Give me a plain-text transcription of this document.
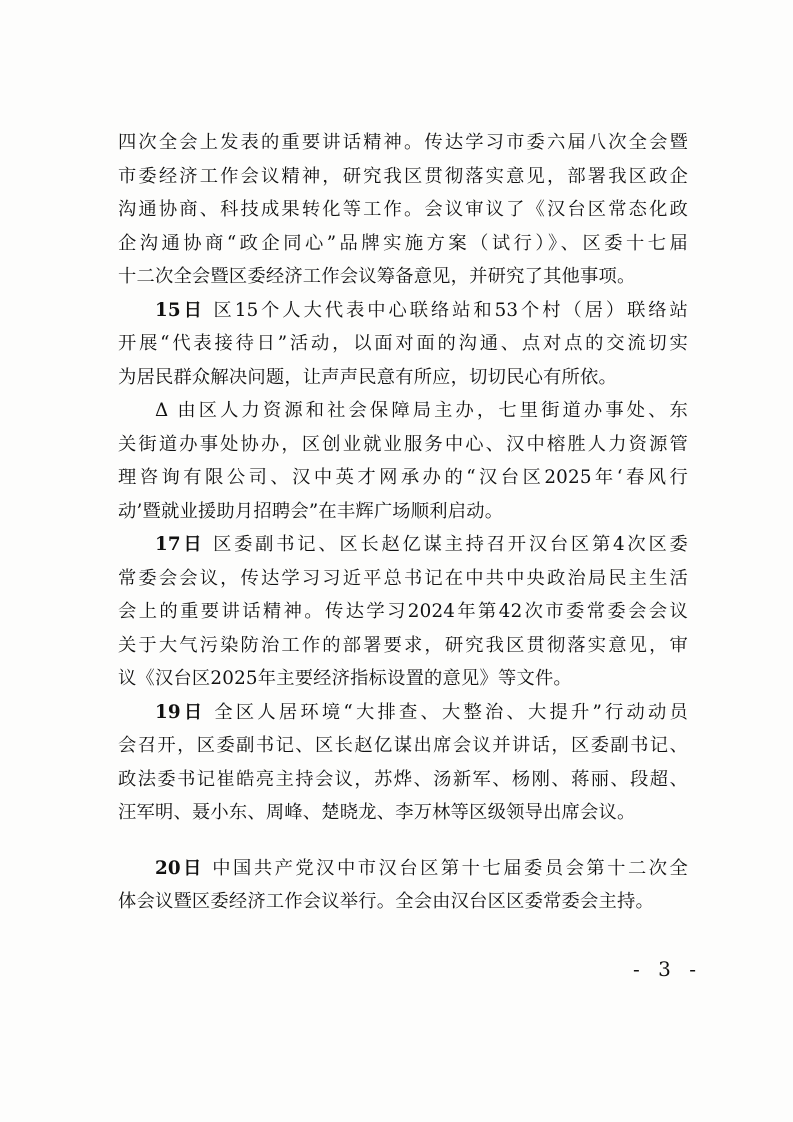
四次全会上发表的重要讲话精神。传达学习市委六届八次全会暨
市委经济工作会议精神，研究我区贯彻落实意见，部署我区政企
沟通协商、科技成果转化等工作。会议审议了《汉台区常态化政
企沟通协商“政企同心”品牌实施方案（试行）》、区委十七届
十二次全会暨区委经济工作会议筹备意见，并研究了其他事项。
15日 区15个人大代表中心联络站和53个村（居）联络站
开展“代表接待日”活动，以面对面的沟通、点对点的交流切实
为居民群众解决问题，让声声民意有所应，切切民心有所依。
Δ 由区人力资源和社会保障局主办，七里街道办事处、东
关街道办事处协办，区创业就业服务中心、汉中榕胜人力资源管
理咨询有限公司、汉中英才网承办的“汉台区2025年‘春风行
动’暨就业援助月招聘会”在丰辉广场顺利启动。
17日 区委副书记、区长赵亿谋主持召开汉台区第4次区委
常委会会议，传达学习习近平总书记在中共中央政治局民主生活
会上的重要讲话精神。传达学习2024年第42次市委常委会会议
关于大气污染防治工作的部署要求，研究我区贯彻落实意见，审
议《汉台区2025年主要经济指标设置的意见》等文件。
19日 全区人居环境“大排查、大整治、大提升”行动动员
会召开，区委副书记、区长赵亿谋出席会议并讲话，区委副书记、
政法委书记崔皓亮主持会议，苏烨、汤新军、杨刚、蒋丽、段超、
汪军明、聂小东、周峰、楚晓龙、李万林等区级领导出席会议。
20日 中国共产党汉中市汉台区第十七届委员会第十二次全
体会议暨区委经济工作会议举行。全会由汉台区区委常委会主持。
- 3 -
